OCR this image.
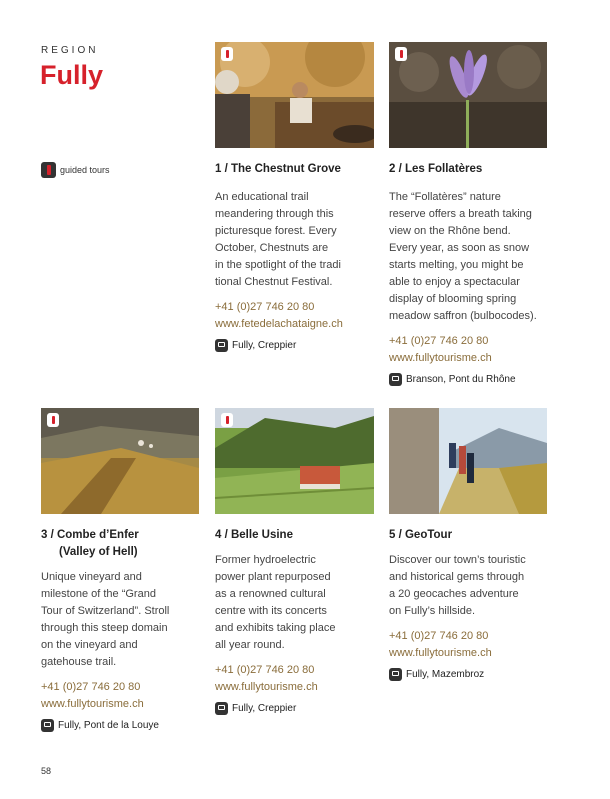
REGION
Fully
guided tours	1 / The Chestnut Grove
An educational trail
meandering through this
picturesque forest. Every
October, Chestnuts are
in the spotlight of the tradi
tional Chestnut Festival.
+41 (0)27 746 20 80
www.fetedelachataigne.ch
Fully, Creppier
2 / Les Follatères
The “Follatères” nature
reserve offers a breath taking
view on the Rhône bend.
Every year, as soon as snow
starts melting, you might be
able to enjoy a spectacular
display of blooming spring
meadow saffron (bulbocodes).
+41 (0)27 746 20 80
www.fullytourisme.ch
Branson, Pont du Rhône
3 / Combe d’Enfer
(Valley of Hell)
Unique vineyard and
milestone of the “Grand
Tour of Switzerland”. Stroll
through this steep domain
on the vineyard and
gatehouse trail.
+41 (0)27 746 20 80
www.fullytourisme.ch
Fully, Pont de la Louye
4 / Belle Usine
Former hydroelectric
power plant repurposed
as a renowned cultural
centre with its concerts
and exhibits taking place
all year round.
+41 (0)27 746 20 80
www.fullytourisme.ch
Fully, Creppier
5 / GeoTour
Discover our town’s touristic
and historical gems through
a 20 geocaches adventure
on Fully’s hillside.
+41 (0)27 746 20 80
www.fullytourisme.ch
Fully, Mazembroz
58
